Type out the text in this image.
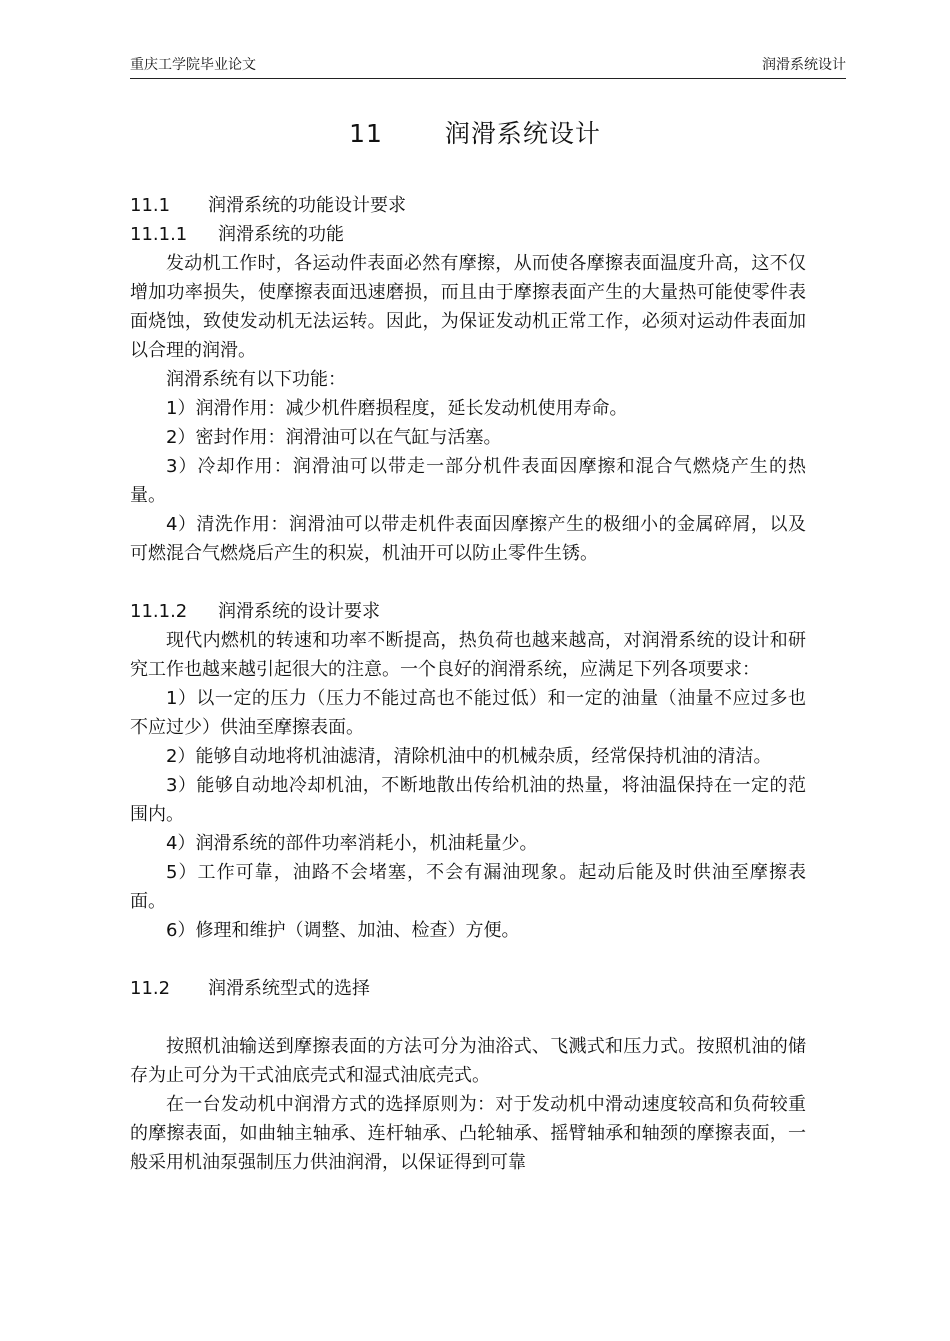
重庆工学院毕业论文	润滑系统设计
11 润滑系统设计
11.1 润滑系统的功能设计要求
11.1.1 润滑系统的功能

发动机工作时，各运动件表面必然有摩擦，从而使各摩擦表面温度升高，这不仅增加功率损失，使摩擦表面迅速磨损，而且由于摩擦表面产生的大量热可能使零件表面烧蚀，致使发动机无法运转。因此，为保证发动机正常工作，必须对运动件表面加以合理的润滑。

润滑系统有以下功能：

1）润滑作用：减少机件磨损程度，延长发动机使用寿命。

2）密封作用：润滑油可以在气缸与活塞。

3）冷却作用：润滑油可以带走一部分机件表面因摩擦和混合气燃烧产生的热量。

4）清洗作用：润滑油可以带走机件表面因摩擦产生的极细小的金属碎屑，以及可燃混合气燃烧后产生的积炭，机油开可以防止零件生锈。

11.1.2 润滑系统的设计要求

现代内燃机的转速和功率不断提高，热负荷也越来越高，对润滑系统的设计和研究工作也越来越引起很大的注意。一个良好的润滑系统，应满足下列各项要求：

1）以一定的压力（压力不能过高也不能过低）和一定的油量（油量不应过多也不应过少）供油至摩擦表面。

2）能够自动地将机油滤清，清除机油中的机械杂质，经常保持机油的清洁。

3）能够自动地冷却机油，不断地散出传给机油的热量，将油温保持在一定的范围内。

4）润滑系统的部件功率消耗小，机油耗量少。

5）工作可靠，油路不会堵塞，不会有漏油现象。起动后能及时供油至摩擦表面。

6）修理和维护（调整、加油、检查）方便。

11.2 润滑系统型式的选择

按照机油输送到摩擦表面的方法可分为油浴式、飞溅式和压力式。按照机油的储存为止可分为干式油底壳式和湿式油底壳式。

在一台发动机中润滑方式的选择原则为：对于发动机中滑动速度较高和负荷较重的摩擦表面，如曲轴主轴承、连杆轴承、凸轮轴承、摇臂轴承和轴颈的摩擦表面，一般采用机油泵强制压力供油润滑，以保证得到可靠
